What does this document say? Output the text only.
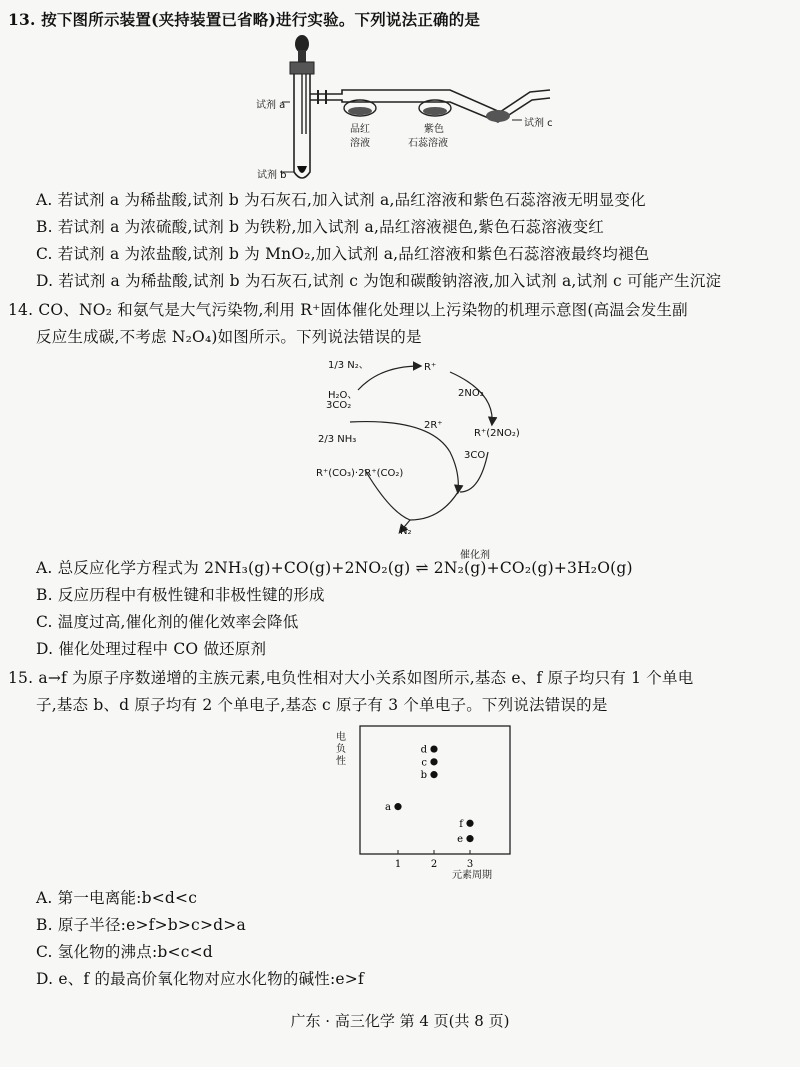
13. 按下图所示装置(夹持装置已省略)进行实验。下列说法正确的是
试剂 a
试剂 b
试剂 c
品红
溶液
紫色
石蕊溶液
A. 若试剂 a 为稀盐酸,试剂 b 为石灰石,加入试剂 a,品红溶液和紫色石蕊溶液无明显变化
B. 若试剂 a 为浓硫酸,试剂 b 为铁粉,加入试剂 a,品红溶液褪色,紫色石蕊溶液变红
C. 若试剂 a 为浓盐酸,试剂 b 为 MnO₂,加入试剂 a,品红溶液和紫色石蕊溶液最终均褪色
D. 若试剂 a 为稀盐酸,试剂 b 为石灰石,试剂 c 为饱和碳酸钠溶液,加入试剂 a,试剂 c 可能产生沉淀
14. CO、NO₂ 和氨气是大气污染物,利用 R⁺固体催化处理以上污染物的机理示意图(高温会发生副
反应生成碳,不考虑 N₂O₄)如图所示。下列说法错误的是
1/3 N₂、
H₂O、
3CO₂
R⁺
2NO₂
2R⁺
R⁺(2NO₂)
3CO
2/3 NH₃
R⁺(CO₃)·2R⁺(CO₂)
N₂
催化剂
A. 总反应化学方程式为 2NH₃(g)+CO(g)+2NO₂(g) ⇌ 2N₂(g)+CO₂(g)+3H₂O(g)
B. 反应历程中有极性键和非极性键的形成
C. 温度过高,催化剂的催化效率会降低
D. 催化处理过程中 CO 做还原剂
15. a→f 为原子序数递增的主族元素,电负性相对大小关系如图所示,基态 e、f 原子均只有 1 个单电
子,基态 b、d 原子均有 2 个单电子,基态 c 原子有 3 个单电子。下列说法错误的是
1	2	3
a
b
c
d
f
e
电负性
元素周期
A. 第一电离能:b<d<c
B. 原子半径:e>f>b>c>d>a
C. 氢化物的沸点:b<c<d
D. e、f 的最高价氧化物对应水化物的碱性:e>f
广东 · 高三化学 第 4 页(共 8 页)
